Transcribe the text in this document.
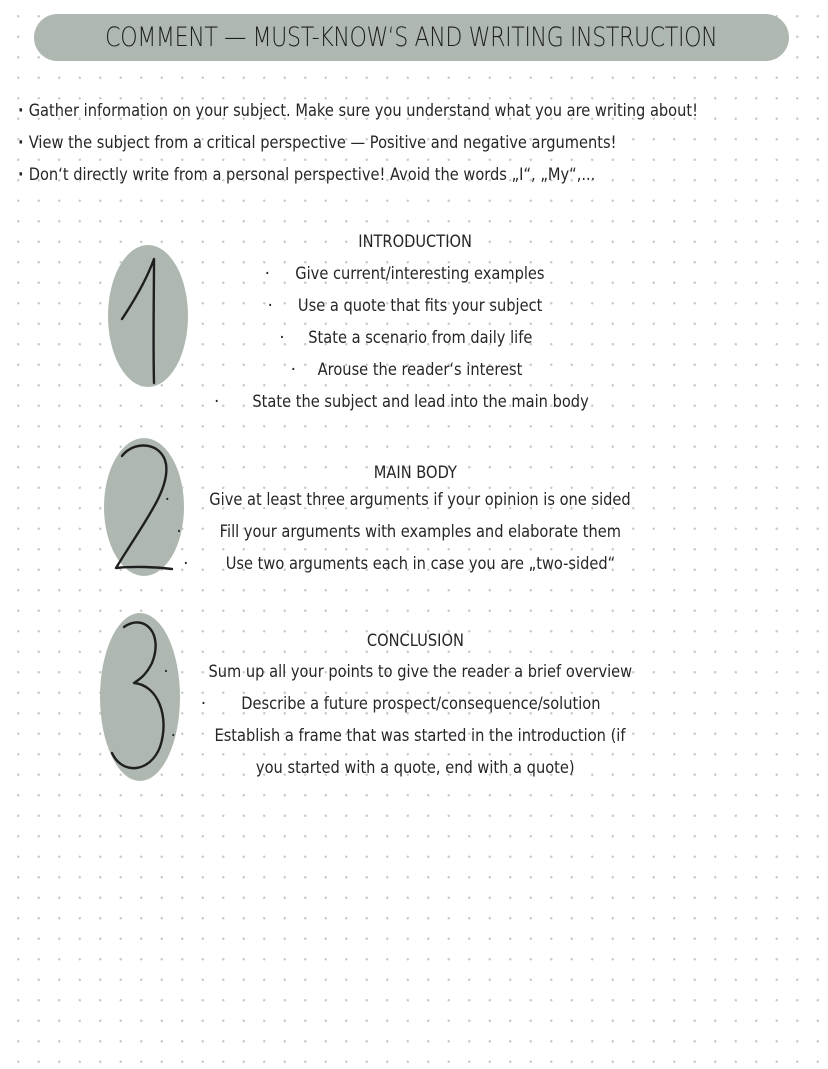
COMMENT — MUST-KNOW‘S AND WRITING INSTRUCTION
· Gather information on your subject. Make sure you understand what you are writing about!
· View the subject from a critical perspective — Positive and negative arguments!
· Don‘t directly write from a personal perspective! Avoid the words „I“, „My“,...
INTRODUCTION
· Give current/interesting examples
· Use a quote that fits your subject
· State a scenario from daily life
· Arouse the reader‘s interest
· State the subject and lead into the main body
MAIN BODY
· Give at least three arguments if your opinion is one sided
· Fill your arguments with examples and elaborate them
· Use two arguments each in case you are „two-sided“
CONCLUSION
· Sum up all your points to give the reader a brief overview
· Describe a future prospect/consequence/solution
· Establish a frame that was started in the introduction (if
you started with a quote, end with a quote)
